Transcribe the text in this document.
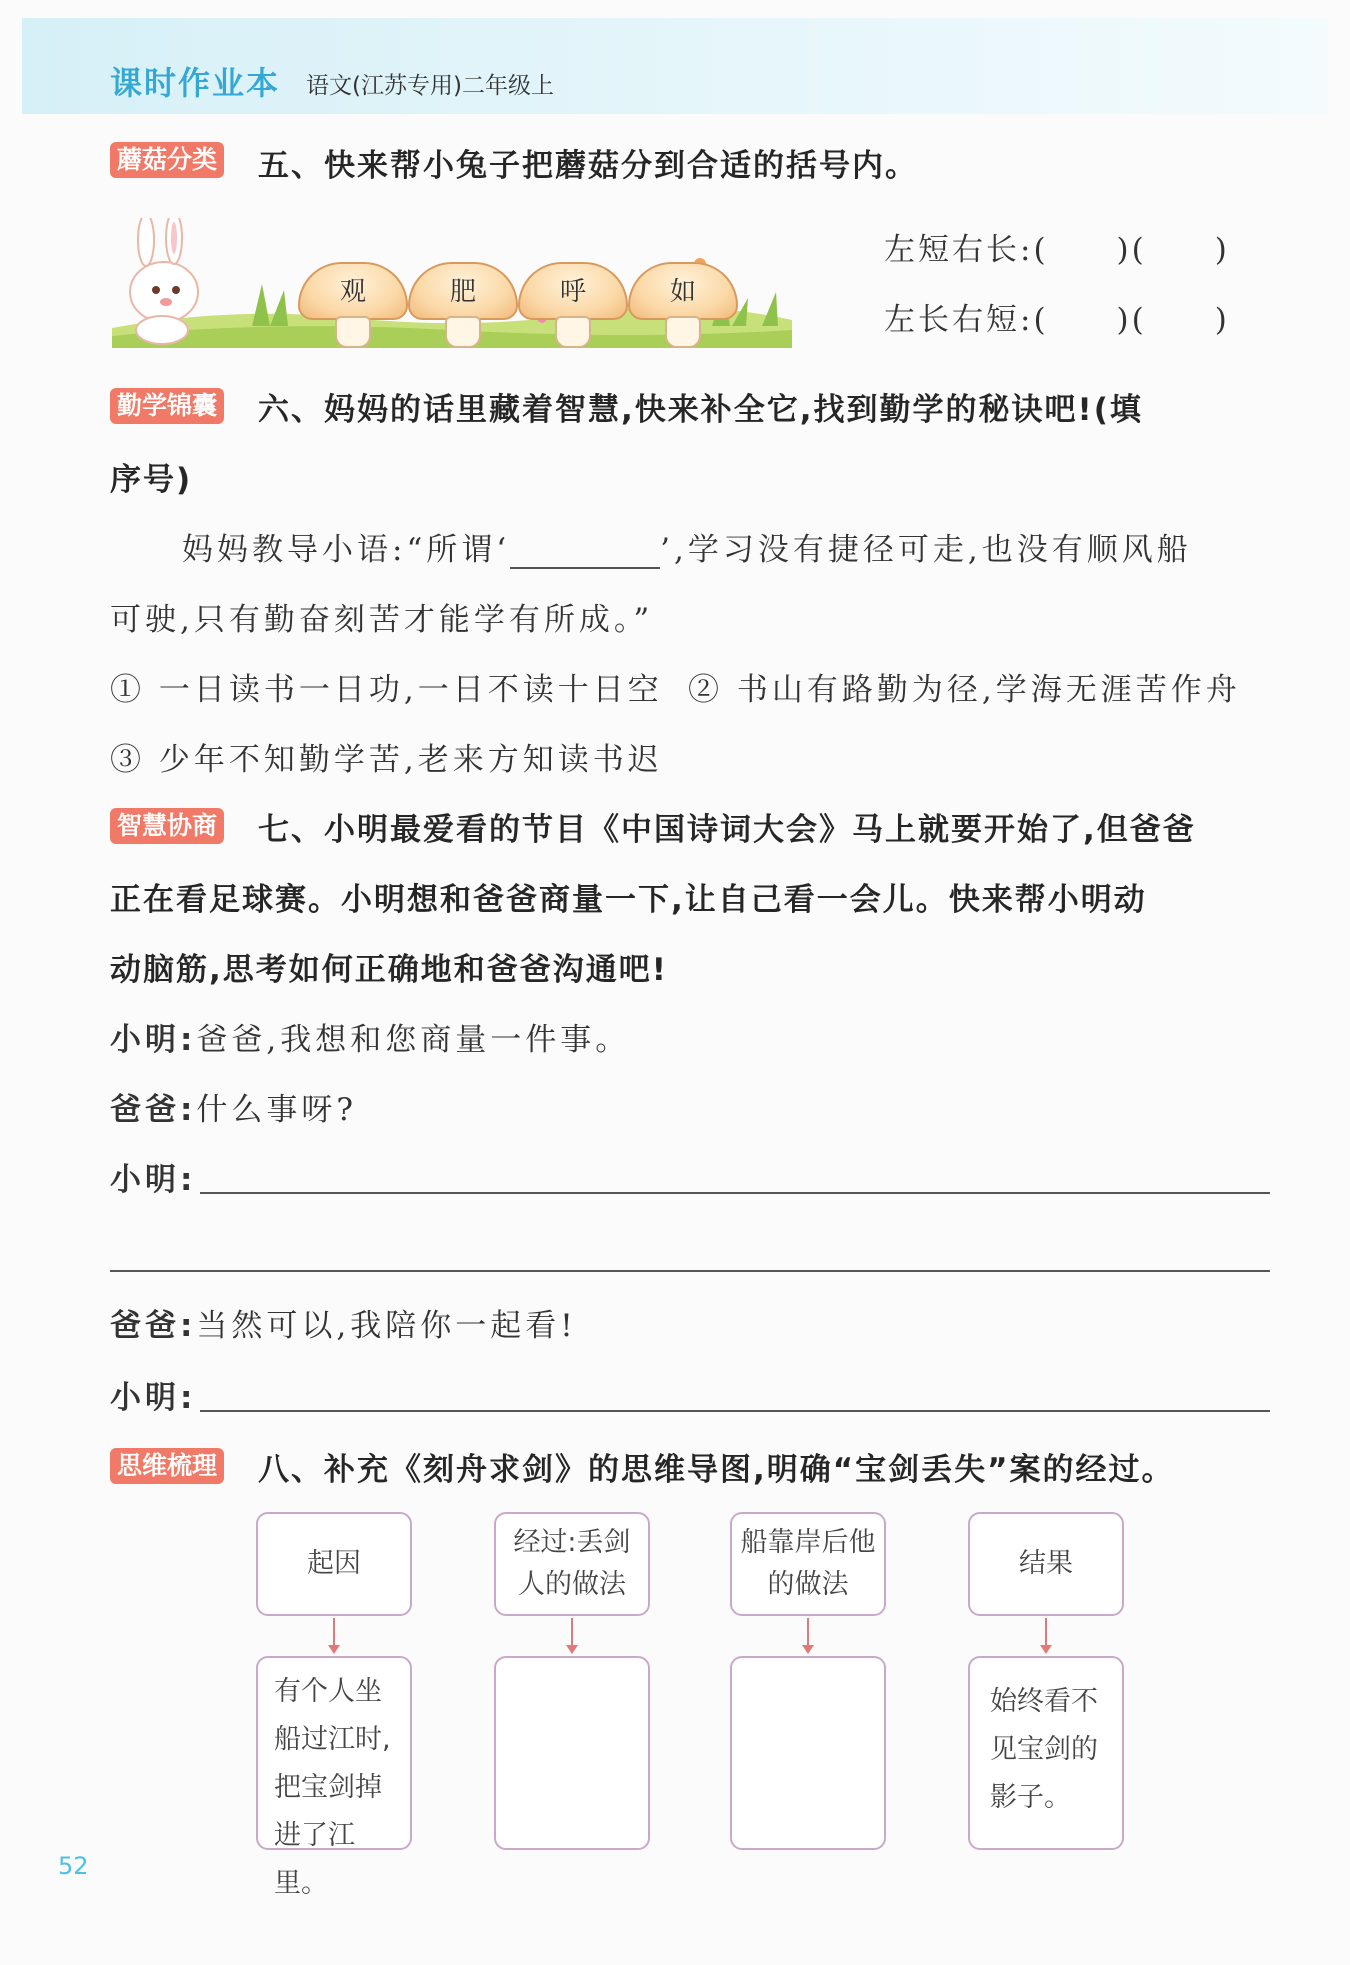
课时作业本 语文(江苏专用)二年级上
蘑菇分类 五、快来帮小兔子把蘑菇分到合适的括号内。
观	肥	呼	如
左短右长:(　　)(　　)
左长右短:(　　)(　　)
勤学锦囊 六、妈妈的话里藏着智慧,快来补全它,找到勤学的秘诀吧!(填
序号)
妈妈教导小语:“所谓‘	’,学习没有捷径可走,也没有顺风船
可驶,只有勤奋刻苦才能学有所成。”
① 一日读书一日功,一日不读十日空 ② 书山有路勤为径,学海无涯苦作舟
③ 少年不知勤学苦,老来方知读书迟
智慧协商 七、小明最爱看的节目《中国诗词大会》马上就要开始了,但爸爸
正在看足球赛。小明想和爸爸商量一下,让自己看一会儿。快来帮小明动
动脑筋,思考如何正确地和爸爸沟通吧!
小明:爸爸,我想和您商量一件事。
爸爸:什么事呀?
小明:
爸爸:当然可以,我陪你一起看!
小明:
思维梳理 八、补充《刻舟求剑》的思维导图,明确“宝剑丢失”案的经过。
起因
经过:丢剑人的做法
船靠岸后他的做法
结果
有个人坐船过江时,把宝剑掉进了江里。
始终看不见宝剑的影子。
52
